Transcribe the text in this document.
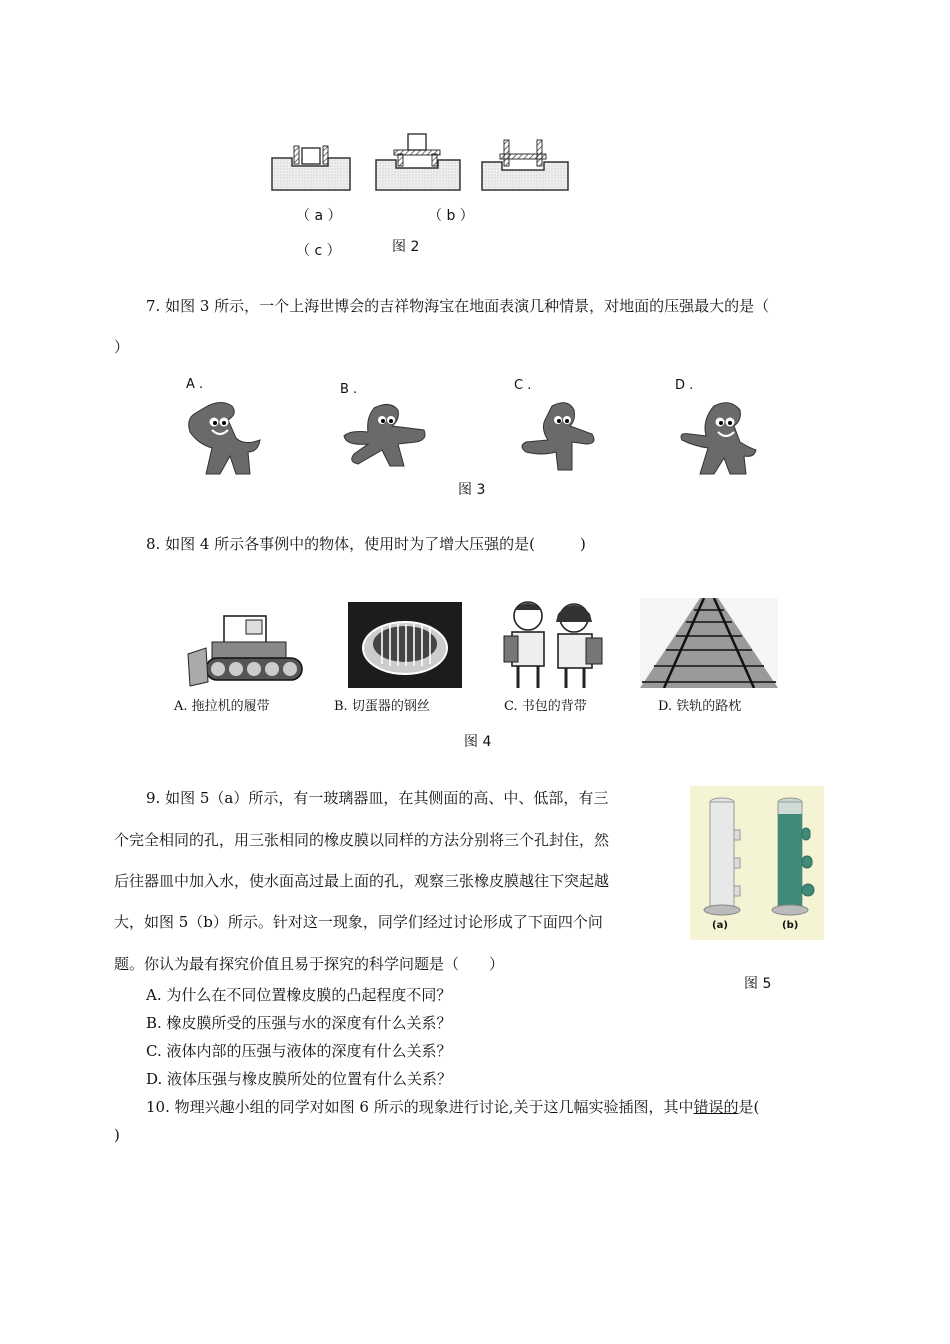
（ a ）	（ b ）
（ c ）	图 2
7. 如图 3 所示，一个上海世博会的吉祥物海宝在地面表演几种情景，对地面的压强最大的是（
）
A .	B .	C .	D .
图 3
8. 如图 4 所示各事例中的物体，使用时为了增大压强的是(　　　)
A. 拖拉机的履带	B. 切蛋器的钢丝	C. 书包的背带	D. 铁轨的路枕
图 4
9. 如图 5（a）所示，有一玻璃器皿，在其侧面的高、中、低部，有三
个完全相同的孔，用三张相同的橡皮膜以同样的方法分别将三个孔封住，然
后往器皿中加入水，使水面高过最上面的孔，观察三张橡皮膜越往下突起越
大，如图 5（b）所示。针对这一现象，同学们经过讨论形成了下面四个问
题。你认为最有探究价值且易于探究的科学问题是（　　）
(a)	(b)
图 5
A. 为什么在不同位置橡皮膜的凸起程度不同？
B. 橡皮膜所受的压强与水的深度有什么关系？
C. 液体内部的压强与液体的深度有什么关系？
D. 液体压强与橡皮膜所处的位置有什么关系？
10. 物理兴趣小组的同学对如图 6 所示的现象进行讨论,关于这几幅实验插图，其中错误的是(
)
